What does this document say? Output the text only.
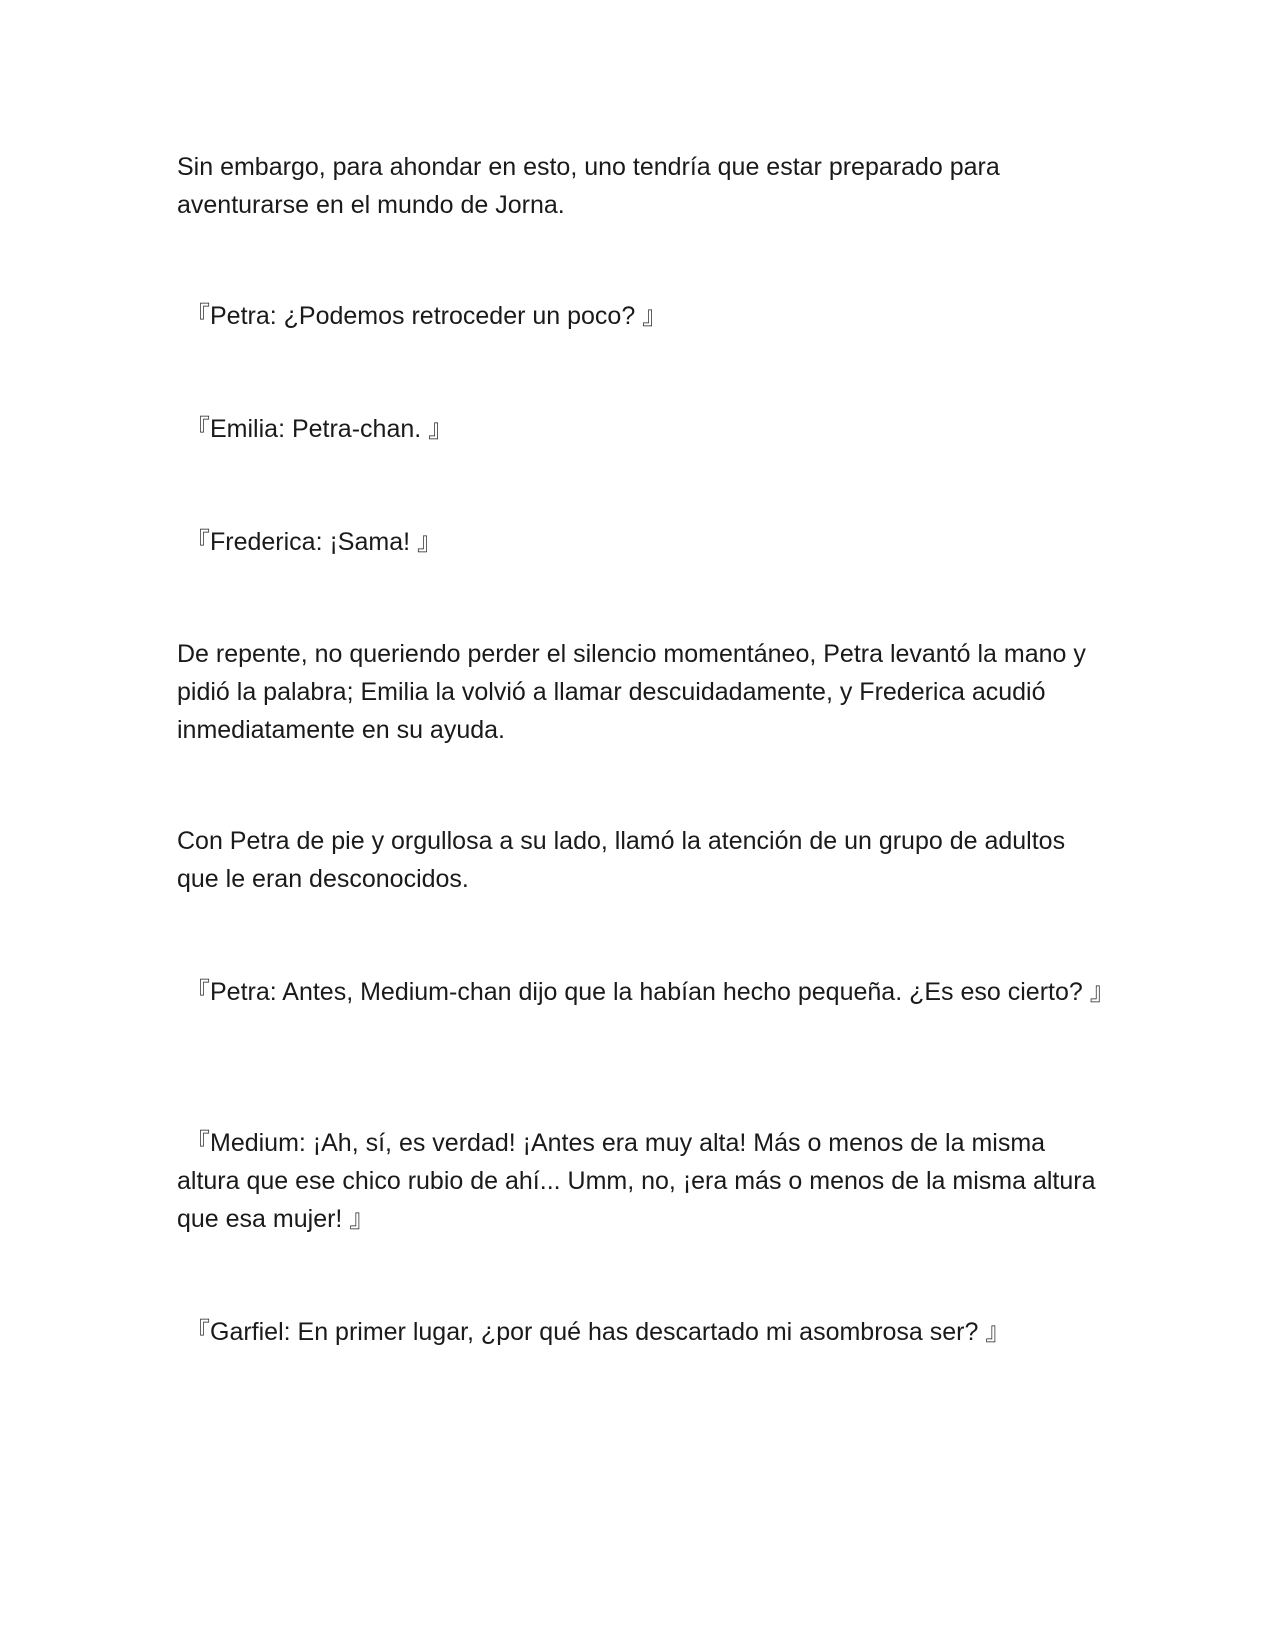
Sin embargo, para ahondar en esto, uno tendría que estar preparado para aventurarse en el mundo de Jorna.

『Petra: ¿Podemos retroceder un poco? 』

『Emilia: Petra-chan. 』

『Frederica: ¡Sama! 』

De repente, no queriendo perder el silencio momentáneo, Petra levantó la mano y pidió la palabra; Emilia la volvió a llamar descuidadamente, y Frederica acudió inmediatamente en su ayuda.

Con Petra de pie y orgullosa a su lado, llamó la atención de un grupo de adultos que le eran desconocidos.

『Petra: Antes, Medium-chan dijo que la habían hecho pequeña. ¿Es eso cierto? 』

『Medium: ¡Ah, sí, es verdad! ¡Antes era muy alta! Más o menos de la misma altura que ese chico rubio de ahí... Umm, no, ¡era más o menos de la misma altura que esa mujer! 』

『Garfiel: En primer lugar, ¿por qué has descartado mi asombrosa ser? 』
